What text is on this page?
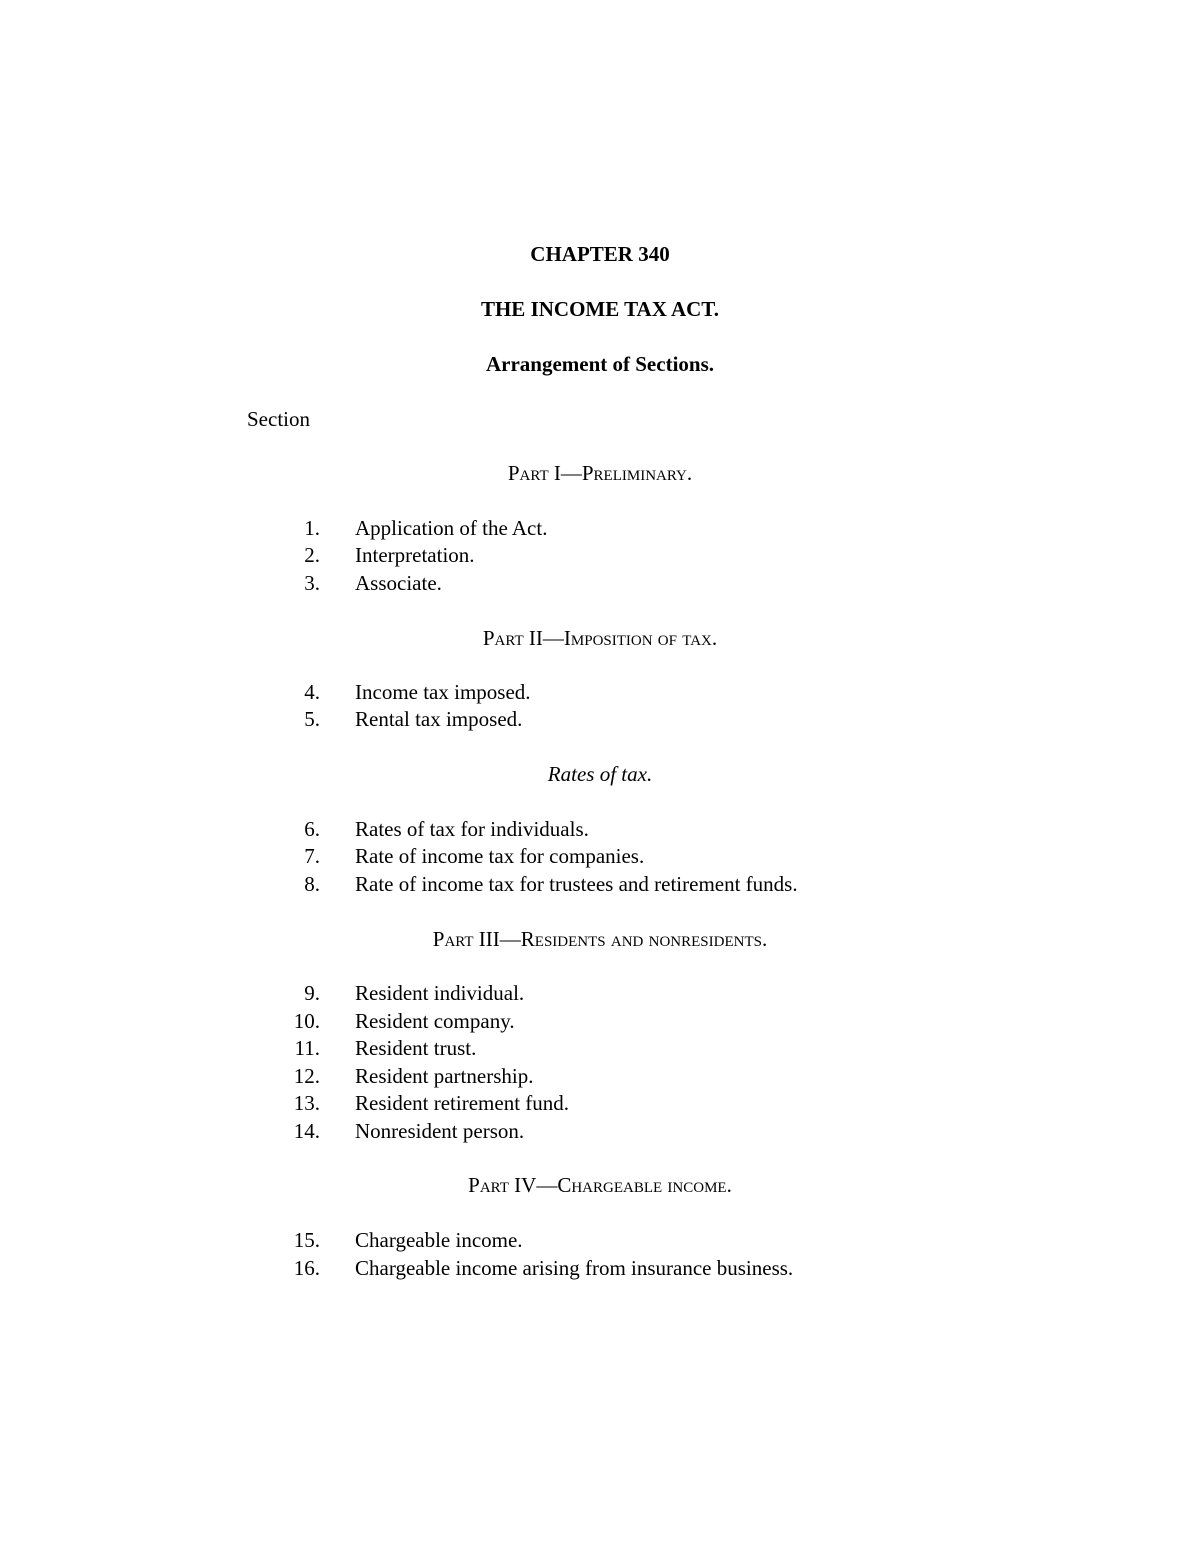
CHAPTER 340
THE INCOME TAX ACT.
Arrangement of Sections.
Section
Part I—Preliminary.
1. Application of the Act.
2. Interpretation.
3. Associate.
Part II—Imposition of tax.
4. Income tax imposed.
5. Rental tax imposed.
Rates of tax.
6. Rates of tax for individuals.
7. Rate of income tax for companies.
8. Rate of income tax for trustees and retirement funds.
Part III—Residents and nonresidents.
9. Resident individual.
10. Resident company.
11. Resident trust.
12. Resident partnership.
13. Resident retirement fund.
14. Nonresident person.
Part IV—Chargeable income.
15. Chargeable income.
16. Chargeable income arising from insurance business.
